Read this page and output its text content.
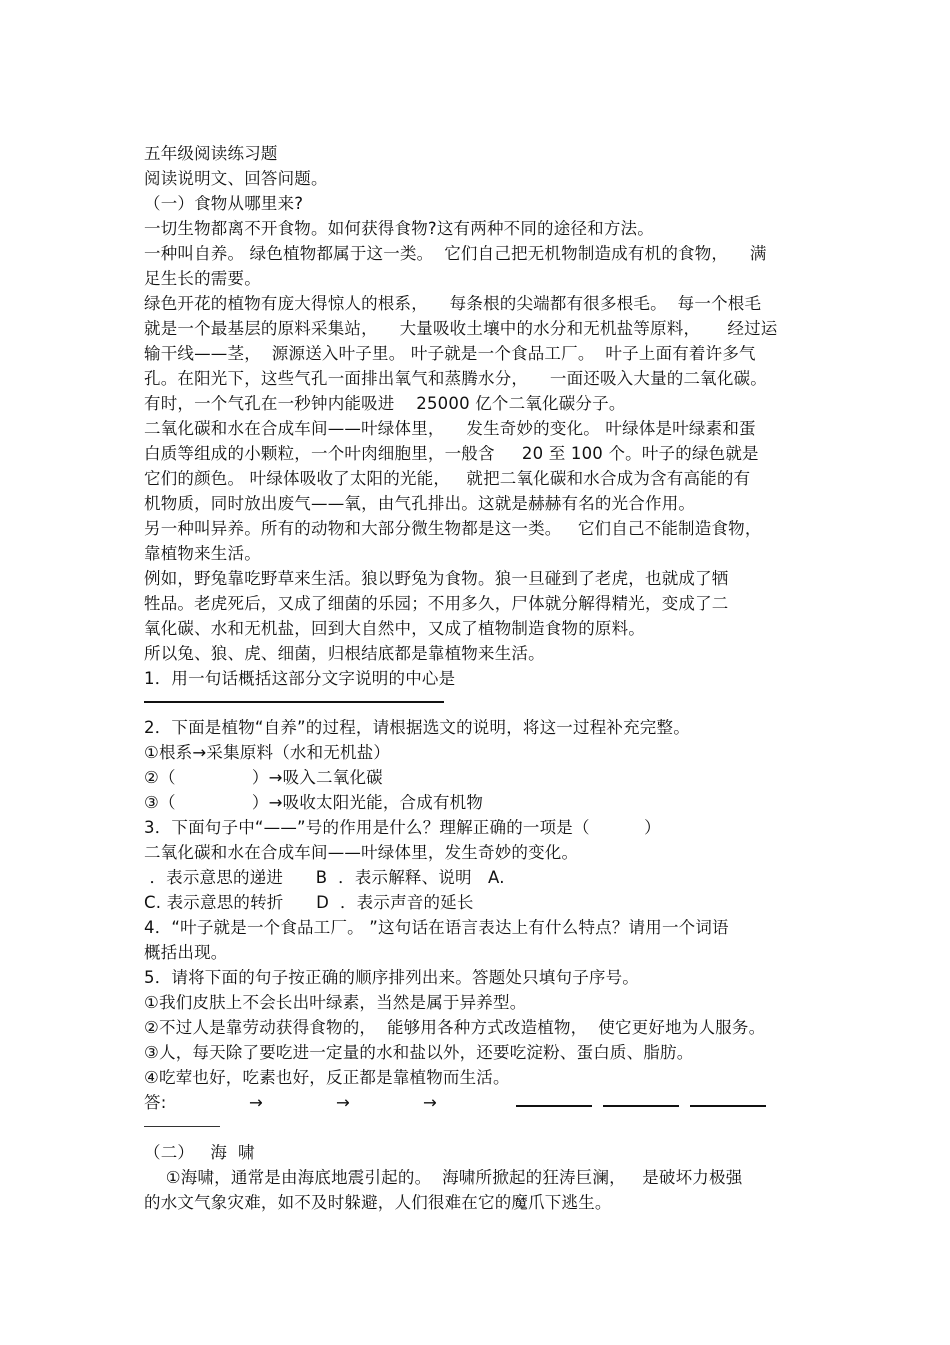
五年级阅读练习题
阅读说明文、回答问题。
（一）食物从哪里来?
一切生物都离不开食物。如何获得食物?这有两种不同的途径和方法。
一种叫自养。 绿色植物都属于这一类。  它们自己把无机物制造成有机的食物，    满
足生长的需要。
绿色开花的植物有庞大得惊人的根系，    每条根的尖端都有很多根毛。  每一个根毛
就是一个最基层的原料采集站，    大量吸收土壤中的水分和无机盐等原料，     经过运
输干线——茎，  源源送入叶子里。 叶子就是一个食品工厂。  叶子上面有着许多气
孔。在阳光下，这些气孔一面排出氧气和蒸腾水分，    一面还吸入大量的二氧化碳。
有时，一个气孔在一秒钟内能吸进    25000 亿个二氧化碳分子。
二氧化碳和水在合成车间——叶绿体里，    发生奇妙的变化。 叶绿体是叶绿素和蛋
白质等组成的小颗粒，一个叶肉细胞里，一般含     20 至 100 个。叶子的绿色就是
它们的颜色。 叶绿体吸收了太阳的光能，   就把二氧化碳和水合成为含有高能的有
机物质，同时放出废气——氧，由气孔排出。这就是赫赫有名的光合作用。
另一种叫异养。所有的动物和大部分微生物都是这一类。   它们自己不能制造食物，
靠植物来生活。
例如，野兔靠吃野草来生活。狼以野兔为食物。狼一旦碰到了老虎，也就成了牺
牲品。老虎死后，又成了细菌的乐园；不用多久，尸体就分解得精光，变成了二
氧化碳、水和无机盐，回到大自然中，又成了植物制造食物的原料。
所以兔、狼、虎、细菌，归根结底都是靠植物来生活。
1．用一句话概括这部分文字说明的中心是
2．下面是植物“自养”的过程，请根据选文的说明，将这一过程补充完整。
①根系→采集原料（水和无机盐）
②（              ）→吸入二氧化碳
③（              ）→吸收太阳光能，合成有机物
3．下面句子中“——”号的作用是什么？理解正确的一项是（          ）
二氧化碳和水在合成车间——叶绿体里，发生奇妙的变化。
．表示意思的递进      B  ．表示解释、说明   A.
C. 表示意思的转折      D  ．表示声音的延长
4．“叶子就是一个食品工厂。 ”这句话在语言表达上有什么特点？请用一个词语
概括出现。
5．请将下面的句子按正确的顺序排列出来。答题处只填句子序号。
①我们皮肤上不会长出叶绿素，当然是属于异养型。
②不过人是靠劳动获得食物的，  能够用各种方式改造植物，  使它更好地为人服务。
③人，每天除了要吃进一定量的水和盐以外，还要吃淀粉、蛋白质、脂肪。
④吃荤也好，吃素也好，反正都是靠植物而生活。
答:	→	→	→
（二）   海  啸
①海啸，通常是由海底地震引起的。  海啸所掀起的狂涛巨澜，   是破坏力极强
的水文气象灾难，如不及时躲避，人们很难在它的魔爪下逃生。
